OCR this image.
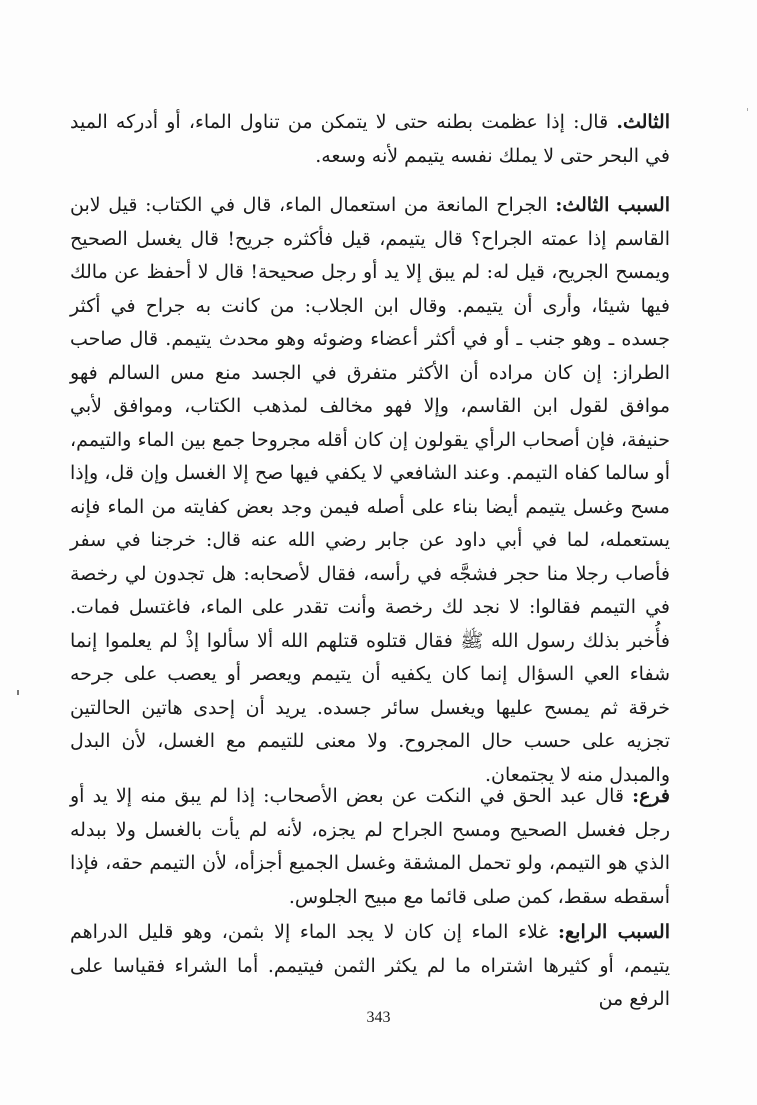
الثالث. قال: إذا عظمت بطنه حتى لا يتمكن من تناول الماء، أو أدركه الميد في البحر حتى لا يملك نفسه يتيمم لأنه وسعه.

السبب الثالث: الجراح المانعة من استعمال الماء، قال في الكتاب: قيل لابن القاسم إذا عمته الجراح؟ قال يتيمم، قيل فأكثره جريح! قال يغسل الصحيح ويمسح الجريح، قيل له: لم يبق إلا يد أو رجل صحيحة! قال لا أحفظ عن مالك فيها شيئا، وأرى أن يتيمم. وقال ابن الجلاب: من كانت به جراح في أكثر جسده ـ وهو جنب ـ أو في أكثر أعضاء وضوئه وهو محدث يتيمم. قال صاحب الطراز: إن كان مراده أن الأكثر متفرق في الجسد منع مس السالم فهو موافق لقول ابن القاسم، وإلا فهو مخالف لمذهب الكتاب، وموافق لأبي حنيفة، فإن أصحاب الرأي يقولون إن كان أقله مجروحا جمع بين الماء والتيمم، أو سالما كفاه التيمم. وعند الشافعي لا يكفي فيها صح إلا الغسل وإن قل، وإذا مسح وغسل يتيمم أيضا بناء على أصله فيمن وجد بعض كفايته من الماء فإنه يستعمله، لما في أبي داود عن جابر رضي الله عنه قال: خرجنا في سفر فأصاب رجلا منا حجر فشجَّه في رأسه، فقال لأصحابه: هل تجدون لي رخصة في التيمم فقالوا: لا نجد لك رخصة وأنت تقدر على الماء، فاغتسل فمات. فأُخبر بذلك رسول الله ﷺ فقال قتلوه قتلهم الله ألا سألوا إذْ لم يعلموا إنما شفاء العي السؤال إنما كان يكفيه أن يتيمم ويعصر أو يعصب على جرحه خرقة ثم يمسح عليها ويغسل سائر جسده. يريد أن إحدى هاتين الحالتين تجزيه على حسب حال المجروح. ولا معنى للتيمم مع الغسل، لأن البدل والمبدل منه لا يجتمعان.

فرع: قال عبد الحق في النكت عن بعض الأصحاب: إذا لم يبق منه إلا يد أو رجل فغسل الصحيح ومسح الجراح لم يجزه، لأنه لم يأت بالغسل ولا ببدله الذي هو التيمم، ولو تحمل المشقة وغسل الجميع أجزأه، لأن التيمم حقه، فإذا أسقطه سقط، كمن صلى قائما مع مبيح الجلوس.

السبب الرابع: غلاء الماء إن كان لا يجد الماء إلا بثمن، وهو قليل الدراهم يتيمم، أو كثيرها اشتراه ما لم يكثر الثمن فيتيمم. أما الشراء فقياسا على الرفع من

343
